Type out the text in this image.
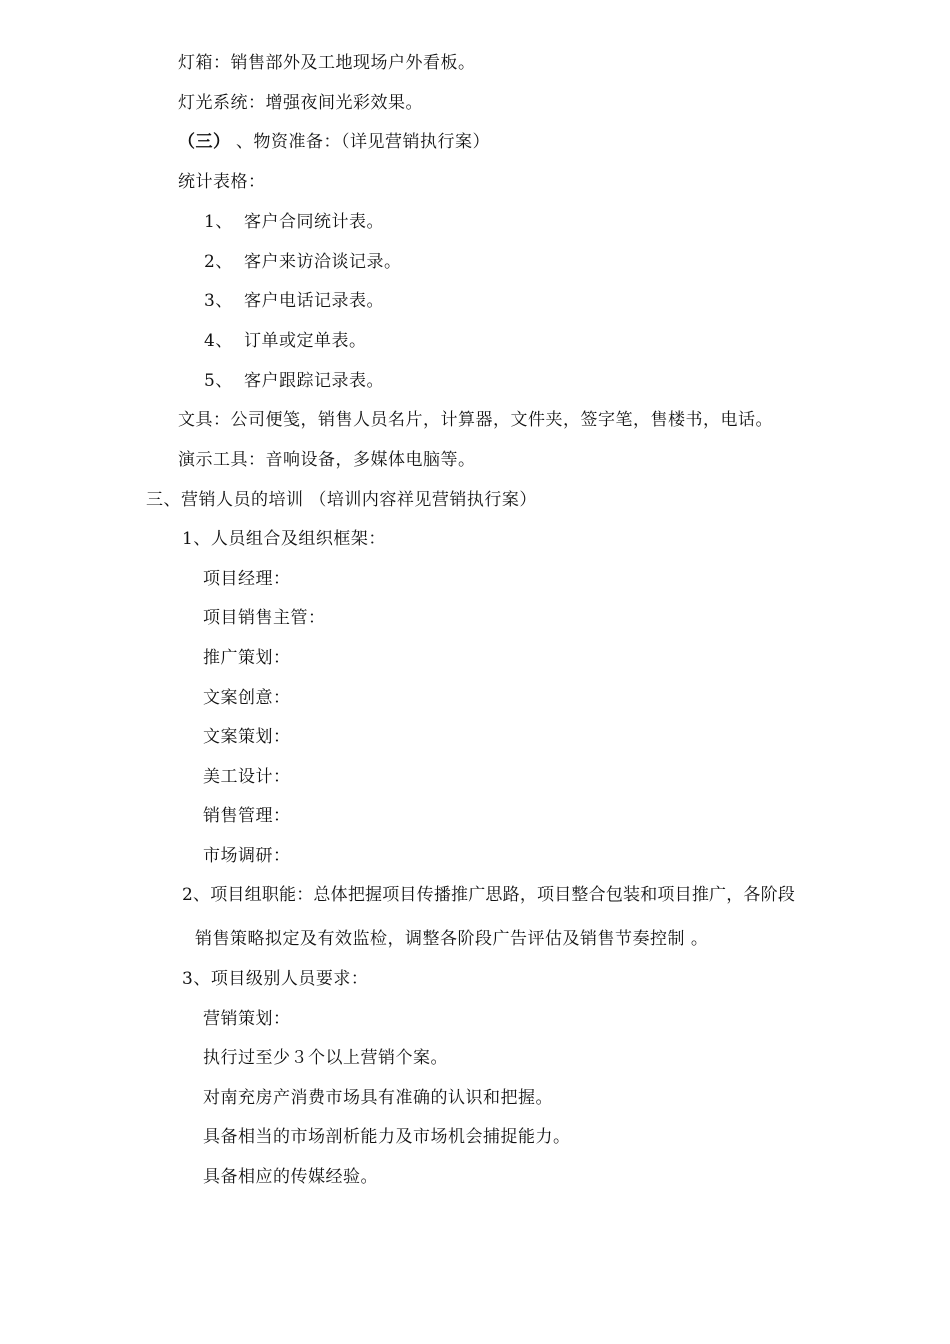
灯箱：销售部外及工地现场户外看板。
灯光系统：增强夜间光彩效果。
（三） 、物资准备：（详见营销执行案）
统计表格：
1、 客户合同统计表。
2、 客户来访洽谈记录。
3、 客户电话记录表。
4、 订单或定单表。
5、 客户跟踪记录表。
文具：公司便笺，销售人员名片，计算器，文件夹，签字笔，售楼书，电话。
演示工具：音响设备，多媒体电脑等。
三、营销人员的培训 （培训内容祥见营销执行案）
1、人员组合及组织框架：
项目经理：
项目销售主管：
推广策划：
文案创意：
文案策划：
美工设计：
销售管理：
市场调研：
2、项目组职能：总体把握项目传播推广思路，项目整合包装和项目推广，各阶段
销售策略拟定及有效监检，调整各阶段广告评估及销售节奏控制 。
3、项目级别人员要求：
营销策划：
执行过至少３个以上营销个案。
对南充房产消费市场具有准确的认识和把握。
具备相当的市场剖析能力及市场机会捕捉能力。
具备相应的传媒经验。
